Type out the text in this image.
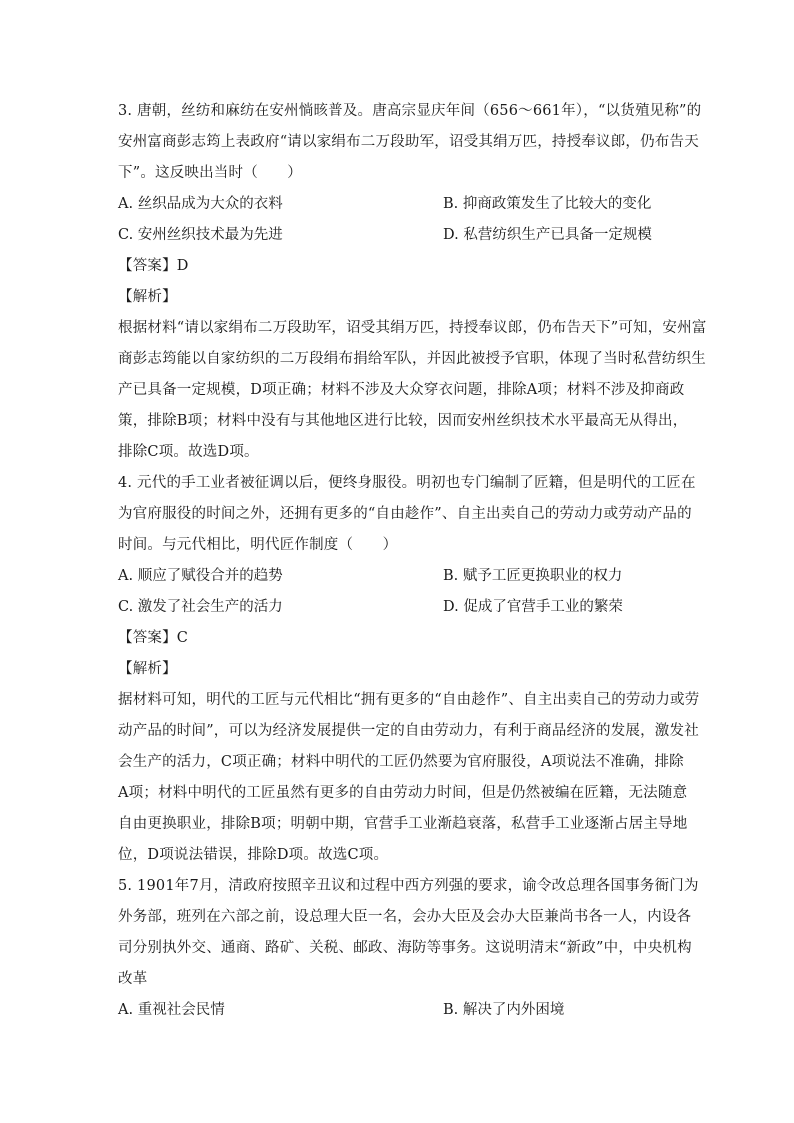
3. 唐朝，丝纺和麻纺在安州惝晐普及。唐高宗显庆年间（656～661年），“以货殖见称”的
安州富商彭志筠上表政府“请以家绢布二万段助军，诏受其绢万匹，持授奉议郎，仍布告天
下”。这反映出当时（　　）
A. 丝织品成为大众的衣料	B. 抑商政策发生了比较大的变化
C. 安州丝织技术最为先进	D. 私营纺织生产已具备一定规模
【答案】D
【解析】
根据材料“请以家绢布二万段助军，诏受其绢万匹，持授奉议郎，仍布告天下”可知，安州富
商彭志筠能以自家纺织的二万段绢布捐给军队，并因此被授予官职，体现了当时私营纺织生
产已具备一定规模，D项正确；材料不涉及大众穿衣问题，排除A项；材料不涉及抑商政
策，排除B项；材料中没有与其他地区进行比较，因而安州丝织技术水平最高无从得出，
排除C项。故选D项。
4. 元代的手工业者被征调以后，便终身服役。明初也专门编制了匠籍，但是明代的工匠在
为官府服役的时间之外，还拥有更多的“自由趁作”、自主出卖自己的劳动力或劳动产品的
时间。与元代相比，明代匠作制度（　　）
A. 顺应了赋役合并的趋势	B. 赋予工匠更换职业的权力
C. 激发了社会生产的活力	D. 促成了官营手工业的繁荣
【答案】C
【解析】
据材料可知，明代的工匠与元代相比“拥有更多的“自由趁作”、自主出卖自己的劳动力或劳
动产品的时间”，可以为经济发展提供一定的自由劳动力，有利于商品经济的发展，激发社
会生产的活力，C项正确；材料中明代的工匠仍然要为官府服役，A项说法不准确，排除
A项；材料中明代的工匠虽然有更多的自由劳动力时间，但是仍然被编在匠籍，无法随意
自由更换职业，排除B项；明朝中期，官营手工业渐趋衰落，私营手工业逐渐占居主导地
位，D项说法错误，排除D项。故选C项。
5. 1901年7月，清政府按照辛丑议和过程中西方列强的要求，谕令改总理各国事务衙门为
外务部，班列在六部之前，设总理大臣一名，会办大臣及会办大臣兼尚书各一人，内设各
司分别执外交、通商、路矿、关税、邮政、海防等事务。这说明清末“新政”中，中央机构
改革
A. 重视社会民情	B. 解决了内外困境
